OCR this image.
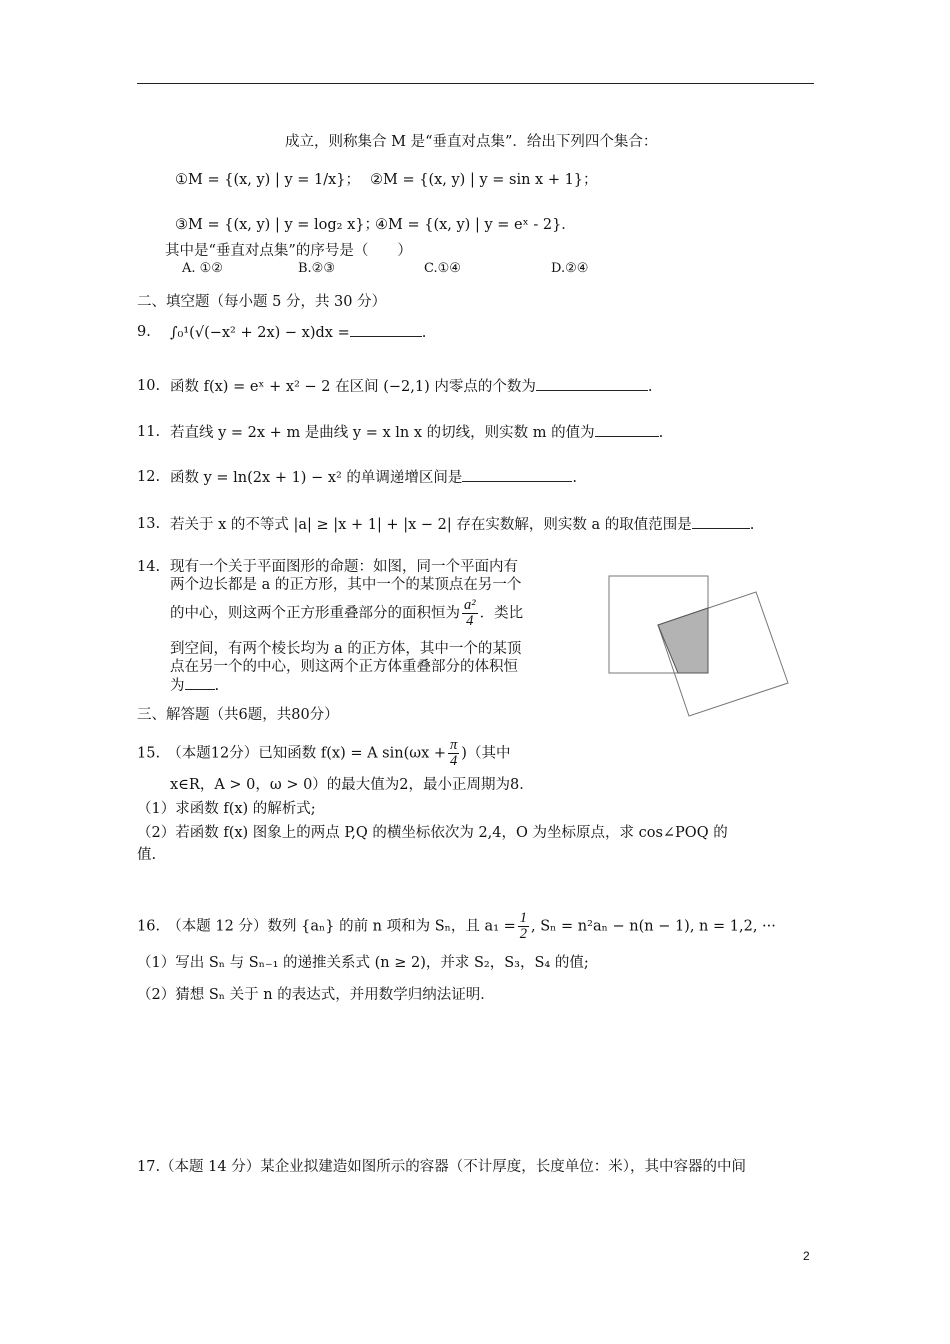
成立，则称集合 M 是“垂直对点集”．给出下列四个集合：
①M = {(x, y) | y = 1/x}； ②M = {(x, y) | y = sin x + 1}；
③M = {(x, y) | y = log₂ x}；
④M = {(x, y) | y = eˣ - 2}．
其中是“垂直对点集”的序号是（　　）
A. ①②	B.②③	C.①④	D.②④
二、填空题（每小题 5 分，共 30 分）
9. ∫₀¹(√(−x² + 2x) − x)dx =	.
10. 函数 f(x) = eˣ + x² − 2 在区间 (−2,1) 内零点的个数为	.
11. 若直线 y = 2x + m 是曲线 y = x ln x 的切线，则实数 m 的值为	.
12. 函数 y = ln(2x + 1) − x² 的单调递增区间是	.
13. 若关于 x 的不等式 |a| ≥ |x + 1| + |x − 2| 存在实数解，则实数 a 的取值范围是	.
14. 现有一个关于平面图形的命题：如图，同一个平面内有
两个边长都是 a 的正方形，其中一个的某顶点在另一个
的中心，则这两个正方形重叠部分的面积恒为 $\frac{\text{a²}}{4}$ ．类比
到空间，有两个棱长均为 a 的正方体，其中一个的某顶
点在另一个的中心，则这两个正方体重叠部分的体积恒
为 .
三、解答题（共6题，共80分）
15.　（本题12分）已知函数 f(x) = A $\sin(\omega x + \frac{\pi}{4}$ )（其中
x∈R，A > 0，ω > 0）的最大值为2，最小正周期为8．
（1）求函数 f(x) 的解析式;
（2）若函数 f(x) 图象上的两点 P,Q 的横坐标依次为 2,4，O 为坐标原点，求 cos∠POQ 的
值.
16.　（本题 12 分）数列 {aₙ} 的前 n 项和为 Sₙ，且 $a_1 = \frac{1}{2}$ , Sₙ = n²aₙ − n(n − 1), n = 1,2, ···
（1）写出 Sₙ 与 Sₙ₋₁ 的递推关系式 (n ≥ 2)，并求 S₂，S₃，S₄ 的值;
（2）猜想 Sₙ 关于 n 的表达式，并用数学归纳法证明．
17.（本题 14 分）某企业拟建造如图所示的容器（不计厚度，长度单位：米），其中容器的中间
2
